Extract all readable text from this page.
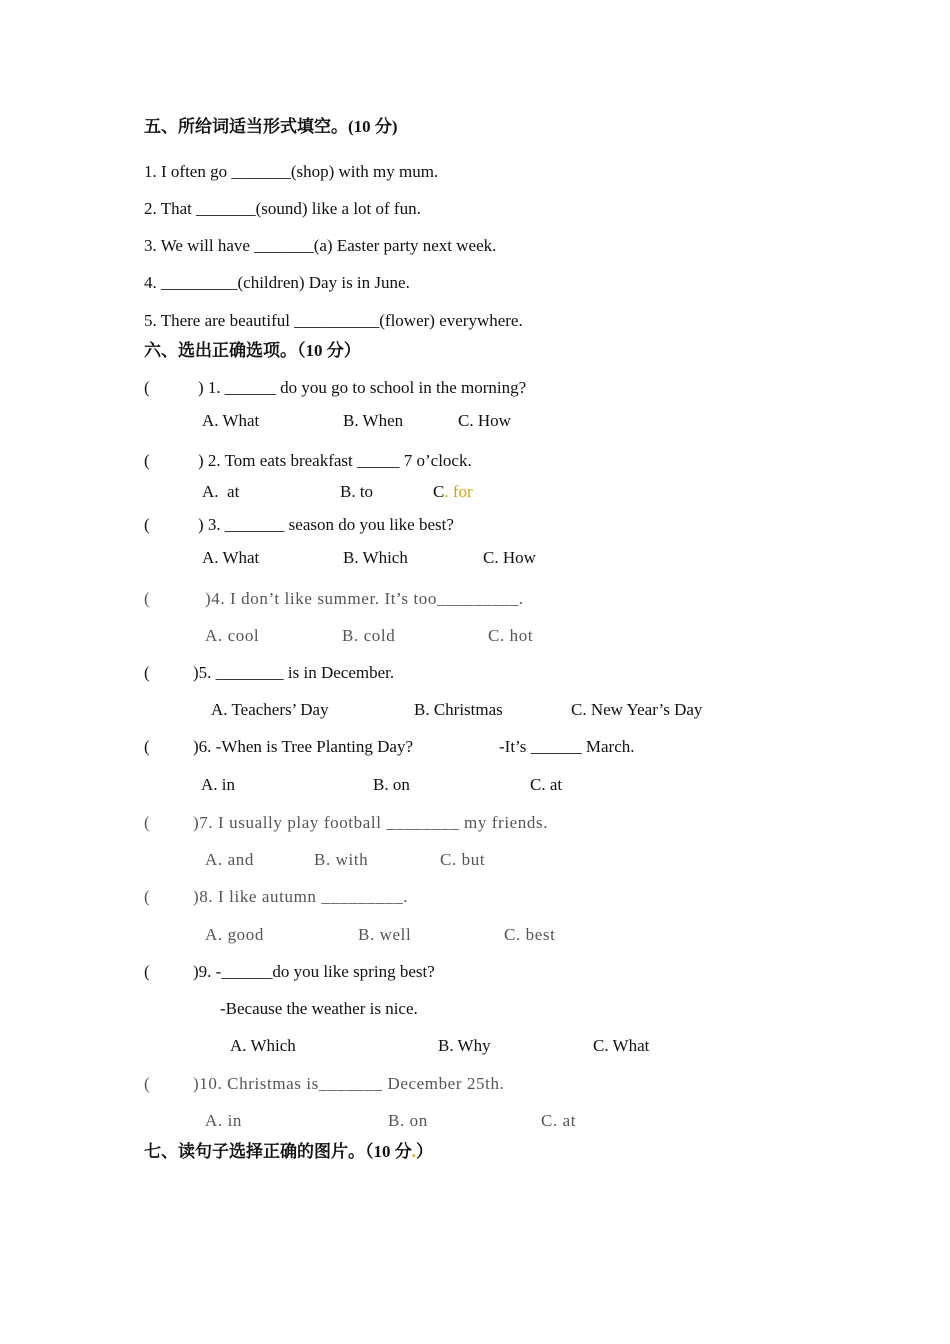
五、所给词适当形式填空。(10 分)
1. I often go _______(shop) with my mum.
2. That _______(sound) like a lot of fun.
3. We will have _______(a) Easter party next week.
4. _________(children) Day is in June.
5. There are beautiful __________(flower) everywhere.
六、选出正确选项。（10 分）
(	) 1. ______ do you go to school in the morning?
A. What	B. When	C. How
(	) 2. Tom eats breakfast _____ 7 o’clock.
A.  at	B. to	C. for
(	) 3. _______ season do you like best?
A. What	B. Which	C. How
(	)4. I don’t like summer. It’s too_________.
A. cool	B. cold	C. hot
(	)5. ________ is in December.
A. Teachers’ Day	B. Christmas	C. New Year’s Day
(	)6. -When is Tree Planting Day?	-It’s ______ March.
A. in	B. on	C. at
(	)7. I usually play football ________ my friends.
A. and	B. with	C. but
(	)8. I like autumn _________.
A. good	B. well	C. best
(	)9. -______do you like spring best?
-Because the weather is nice.
A. Which	B. Why	C. What
(	)10. Christmas is_______ December 25th.
A. in	B. on	C. at
七、读句子选择正确的图片。（10 分.）
